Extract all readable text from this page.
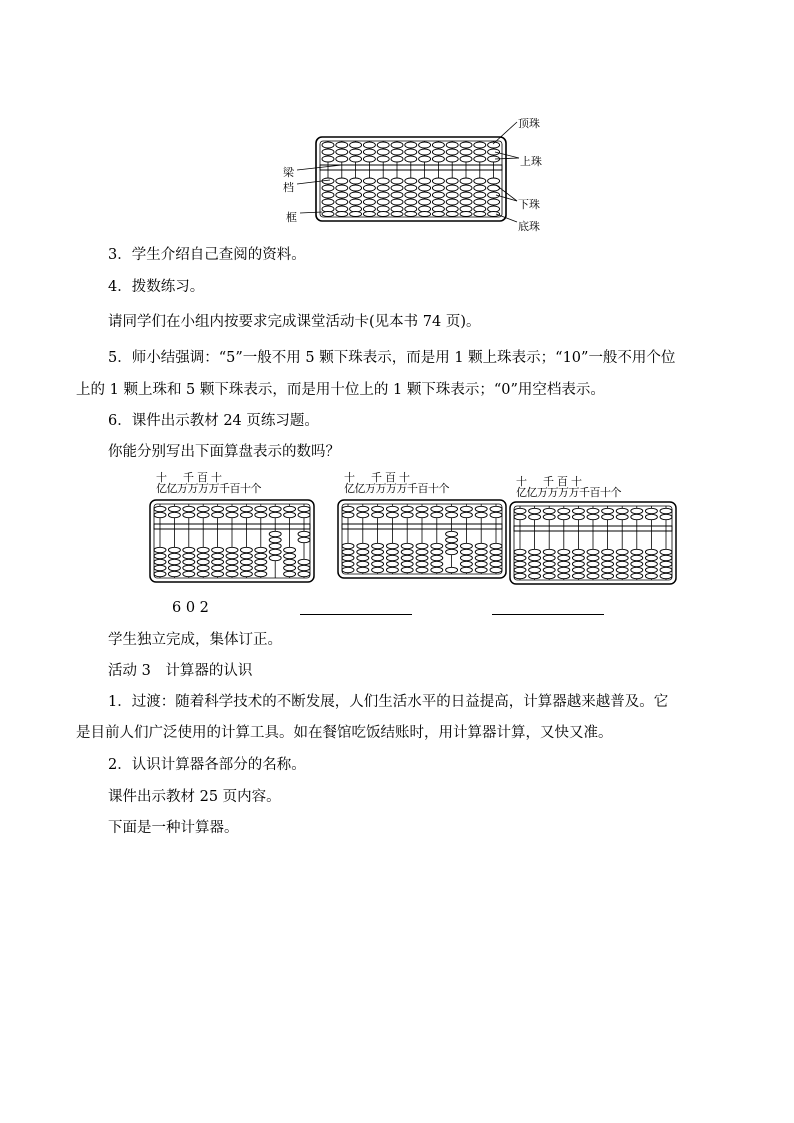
顶珠
上珠
梁
档
下珠
框
底珠
3．学生介绍自己查阅的资料。
4．拨数练习。
请同学们在小组内按要求完成课堂活动卡(见本书 74 页)。
5．师小结强调：“5”一般不用 5 颗下珠表示，而是用 1 颗上珠表示；“10”一般不用个位
上的 1 颗上珠和 5 颗下珠表示，而是用十位上的 1 颗下珠表示；“0”用空档表示。
6．课件出示教材 24 页练习题。
你能分别写出下面算盘表示的数吗？
十 千百十
亿亿万万万万千百十个
十 千百十
亿亿万万万万千百十个
十 千百十
亿亿万万万万千百十个
6 0 2
学生独立完成，集体订正。
活动 3　计算器的认识
1．过渡：随着科学技术的不断发展，人们生活水平的日益提高，计算器越来越普及。它
是目前人们广泛使用的计算工具。如在餐馆吃饭结账时，用计算器计算，又快又准。
2．认识计算器各部分的名称。
课件出示教材 25 页内容。
下面是一种计算器。
